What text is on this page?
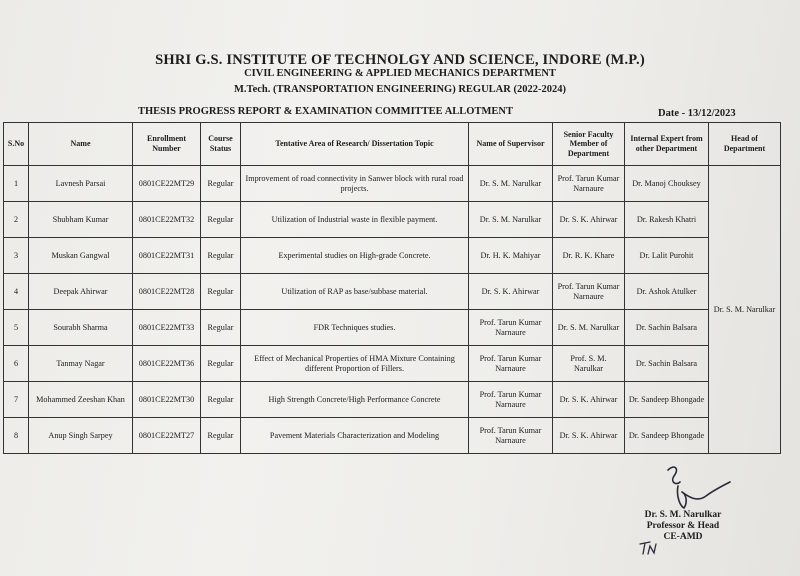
SHRI G.S. INSTITUTE OF TECHNOLGY AND SCIENCE, INDORE (M.P.)
CIVIL ENGINEERING & APPLIED MECHANICS DEPARTMENT
M.Tech. (TRANSPORTATION ENGINEERING) REGULAR (2022-2024)
THESIS PROGRESS REPORT & EXAMINATION COMMITTEE ALLOTMENT	Date - 13/12/2023
S.No	Name	Enrollment Number	Course Status	Tentative Area of Research/ Dissertation Topic	Name of Supervisor	Senior Faculty Member of Department	Internal Expert from other Department	Head of Department
1	Lavnesh Parsai	0801CE22MT29	Regular	Improvement of road connectivity in Sanwer block with rural road projects.	Dr. S. M. Narulkar	Prof. Tarun Kumar Narnaure	Dr. Manoj Chouksey	Dr. S. M. Narulkar
2	Shubham Kumar	0801CE22MT32	Regular	Utilization of Industrial waste in flexible payment.	Dr. S. M. Narulkar	Dr. S. K. Ahirwar	Dr. Rakesh Khatri	
3	Muskan Gangwal	0801CE22MT31	Regular	Experimental studies on High-grade Concrete.	Dr. H. K. Mahiyar	Dr. R. K. Khare	Dr. Lalit Purohit	
4	Deepak Ahirwar	0801CE22MT28	Regular	Utilization of RAP as base/subbase material.	Dr. S. K. Ahirwar	Prof. Tarun Kumar Narnaure	Dr. Ashok Atulker	
5	Sourabh Sharma	0801CE22MT33	Regular	FDR Techniques studies.	Prof. Tarun Kumar Narnaure	Dr. S. M. Narulkar	Dr. Sachin Balsara	
6	Tanmay Nagar	0801CE22MT36	Regular	Effect of Mechanical Properties of HMA Mixture Containing different Proportion of Fillers.	Prof. Tarun Kumar Narnaure	Prof. S. M. Narulkar	Dr. Sachin Balsara	
7	Mohammed Zeeshan Khan	0801CE22MT30	Regular	High Strength Concrete/High Performance Concrete	Prof. Tarun Kumar Narnaure	Dr. S. K. Ahirwar	Dr. Sandeep Bhongade	
8	Anup Singh Sarpey	0801CE22MT27	Regular	Pavement Materials Characterization and Modeling	Prof. Tarun Kumar Narnaure	Dr. S. K. Ahirwar	Dr. Sandeep Bhongade	
Dr. S. M. Narulkar
Professor & Head
CE-AMD
